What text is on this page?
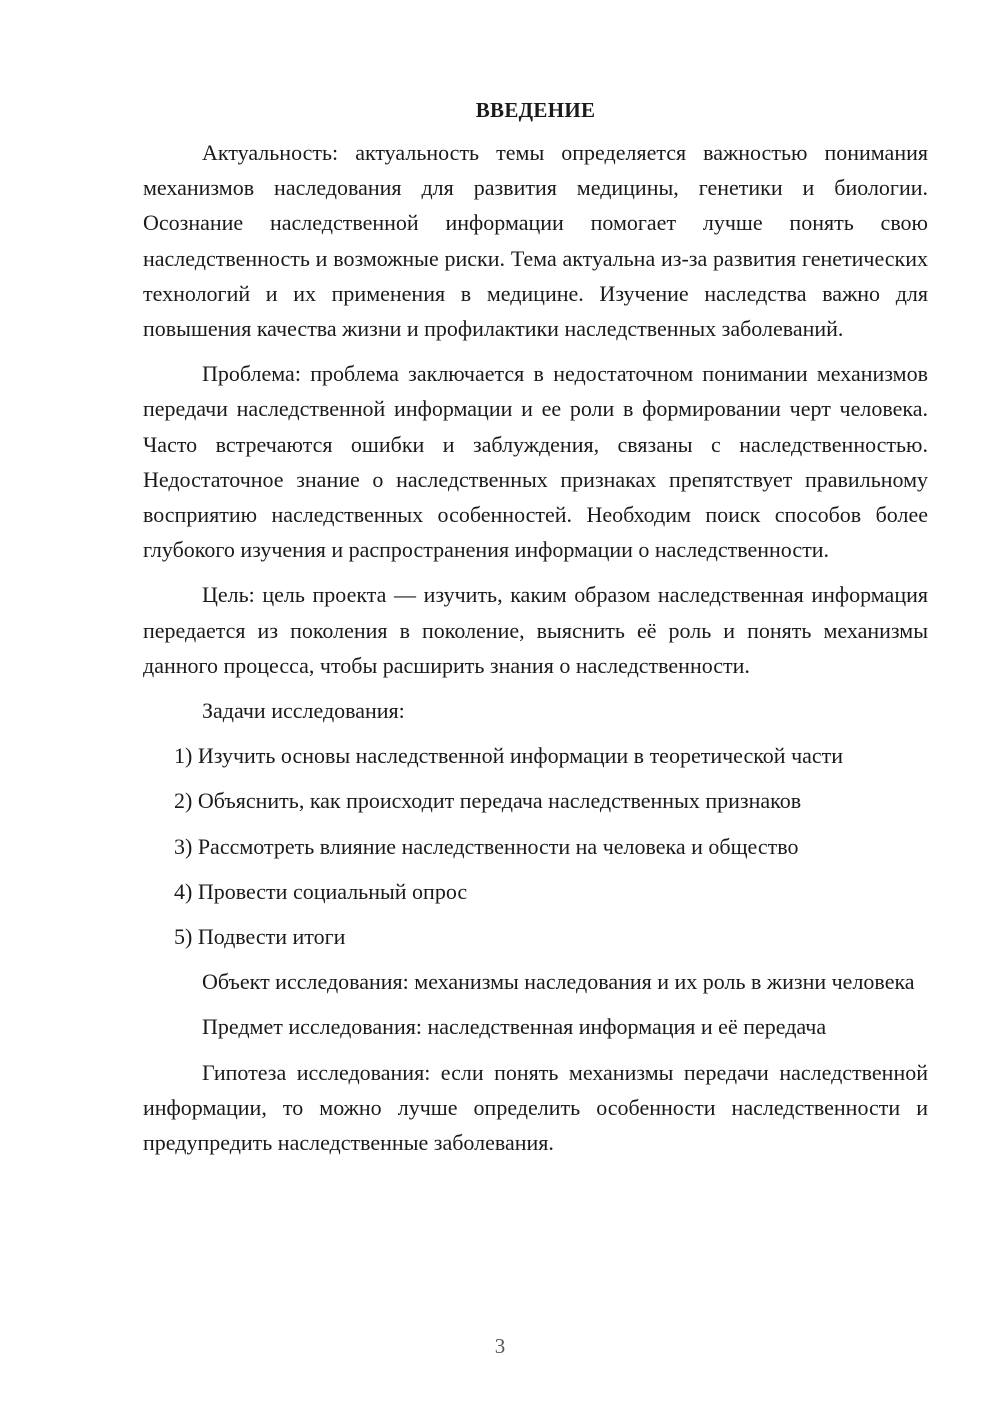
ВВЕДЕНИЕ

Актуальность: актуальность темы определяется важностью понимания механизмов наследования для развития медицины, генетики и биологии. Осознание наследственной информации помогает лучше понять свою наследственность и возможные риски. Тема актуальна из-за развития генетических технологий и их применения в медицине. Изучение наследства важно для повышения качества жизни и профилактики наследственных заболеваний.

Проблема: проблема заключается в недостаточном понимании механизмов передачи наследственной информации и ее роли в формировании черт человека. Часто встречаются ошибки и заблуждения, связаны с наследственностью. Недостаточное знание о наследственных признаках препятствует правильному восприятию наследственных особенностей. Необходим поиск способов более глубокого изучения и распространения информации о наследственности.

Цель: цель проекта — изучить, каким образом наследственная информация передается из поколения в поколение, выяснить её роль и понять механизмы данного процесса, чтобы расширить знания о наследственности.

Задачи исследования:

1) Изучить основы наследственной информации в теоретической части
2) Объяснить, как происходит передача наследственных признаков
3) Рассмотреть влияние наследственности на человека и общество
4) Провести социальный опрос
5) Подвести итоги

Объект исследования: механизмы наследования и их роль в жизни человека

Предмет исследования: наследственная информация и её передача

Гипотеза исследования: если понять механизмы передачи наследственной информации, то можно лучше определить особенности наследственности и предупредить наследственные заболевания.

3
